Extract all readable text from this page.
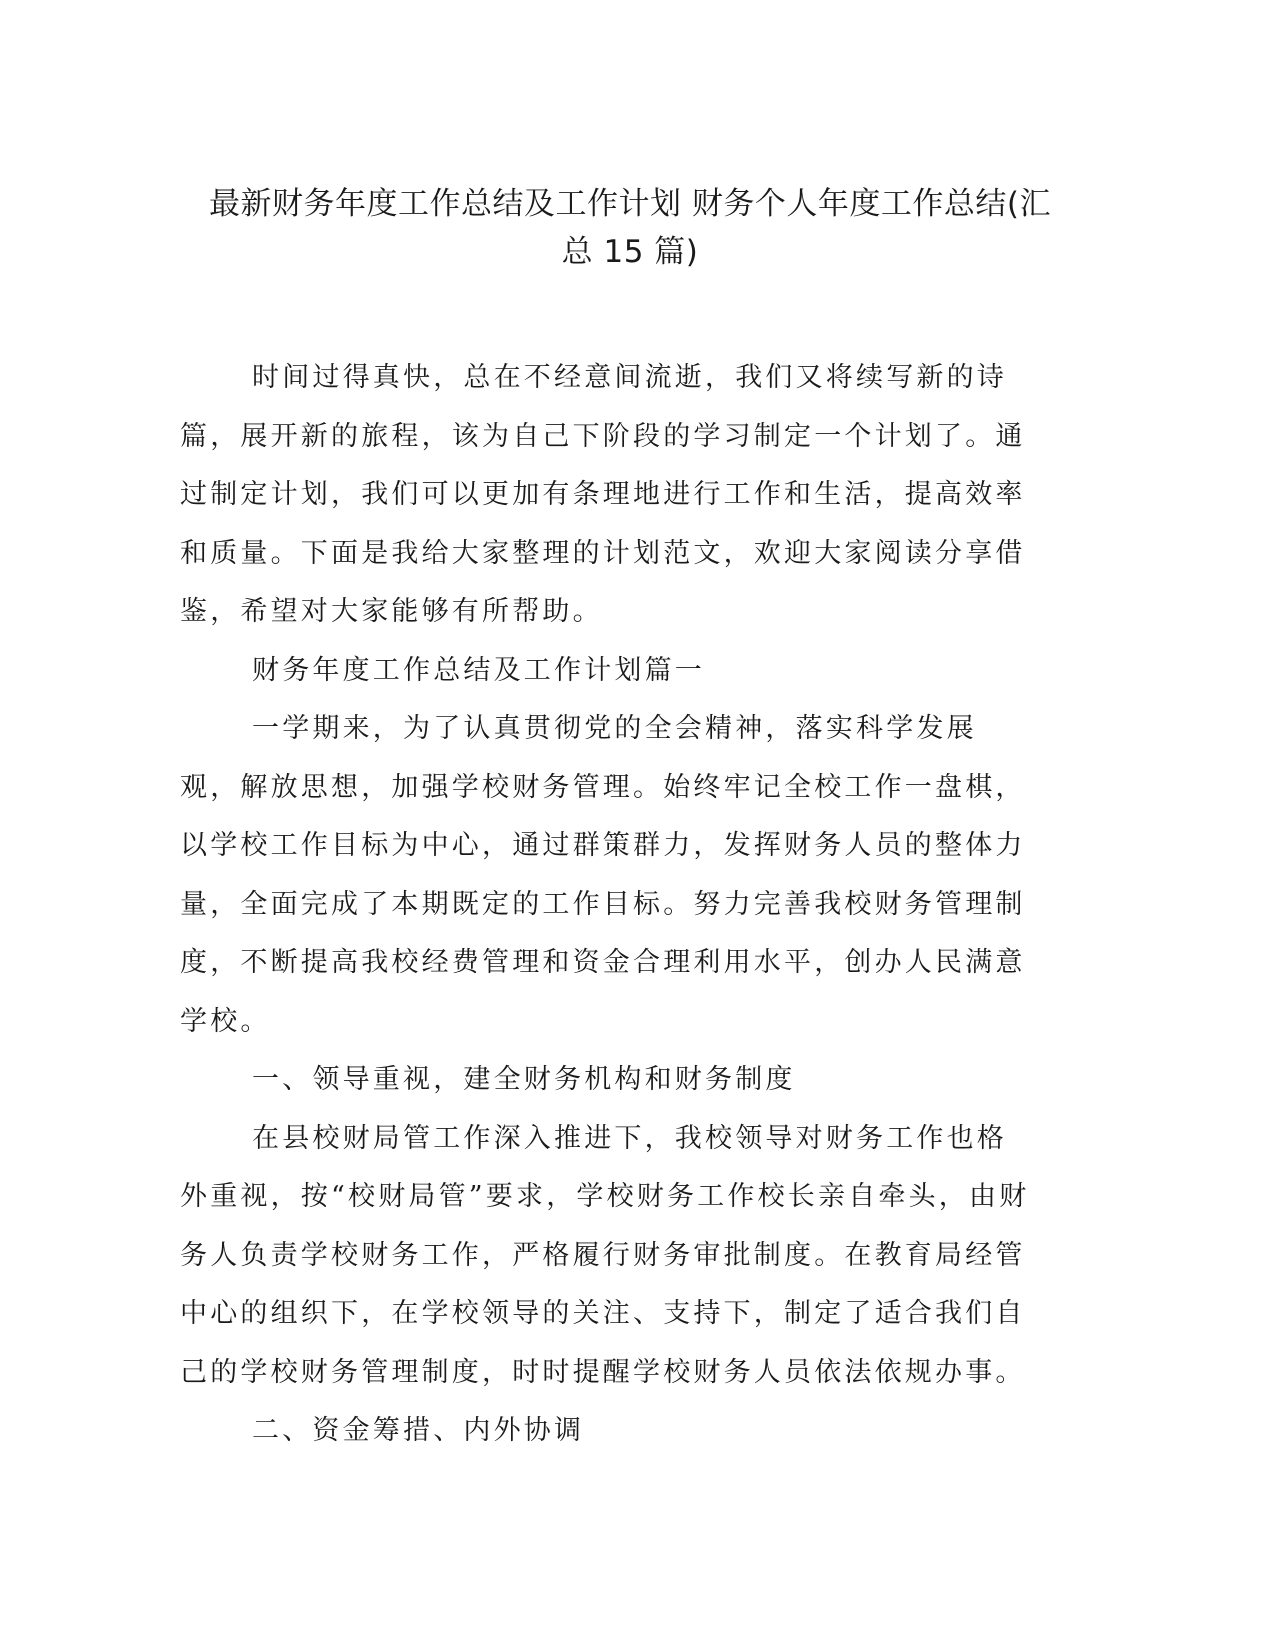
最新财务年度工作总结及工作计划 财务个人年度工作总结(汇
总 15 篇)

时间过得真快，总在不经意间流逝，我们又将续写新的诗篇，展开新的旅程，该为自己下阶段的学习制定一个计划了。通过制定计划，我们可以更加有条理地进行工作和生活，提高效率和质量。下面是我给大家整理的计划范文，欢迎大家阅读分享借鉴，希望对大家能够有所帮助。

财务年度工作总结及工作计划篇一

一学期来，为了认真贯彻党的全会精神，落实科学发展观，解放思想，加强学校财务管理。始终牢记全校工作一盘棋，以学校工作目标为中心，通过群策群力，发挥财务人员的整体力量，全面完成了本期既定的工作目标。努力完善我校财务管理制度，不断提高我校经费管理和资金合理利用水平，创办人民满意学校。

一、领导重视，建全财务机构和财务制度

在县校财局管工作深入推进下，我校领导对财务工作也格外重视，按“校财局管”要求，学校财务工作校长亲自牵头，由财务人负责学校财务工作，严格履行财务审批制度。在教育局经管中心的组织下，在学校领导的关注、支持下，制定了适合我们自己的学校财务管理制度，时时提醒学校财务人员依法依规办事。

二、资金筹措、内外协调
